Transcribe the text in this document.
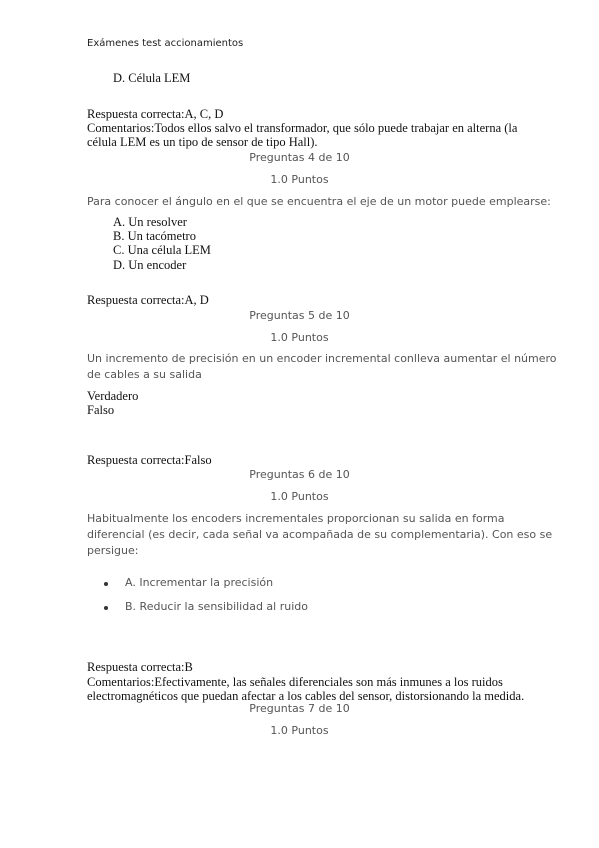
Exámenes test accionamientos
D. Célula LEM
Respuesta correcta:A, C, D
Comentarios:Todos ellos salvo el transformador, que sólo puede trabajar en alterna (la
célula LEM es un tipo de sensor de tipo Hall).
Preguntas 4 de 10
1.0 Puntos
Para conocer el ángulo en el que se encuentra el eje de un motor puede emplearse:
A. Un resolver
B. Un tacómetro
C. Una célula LEM
D. Un encoder
Respuesta correcta:A, D
Preguntas 5 de 10
1.0 Puntos
Un incremento de precisión en un encoder incremental conlleva aumentar el número
de cables a su salida
Verdadero
Falso
Respuesta correcta:Falso
Preguntas 6 de 10
1.0 Puntos
Habitualmente los encoders incrementales proporcionan su salida en forma
diferencial (es decir, cada señal va acompañada de su complementaria). Con eso se
persigue:
A. Incrementar la precisión
B. Reducir la sensibilidad al ruido
Respuesta correcta:B
Comentarios:Efectivamente, las señales diferenciales son más inmunes a los ruidos
electromagnéticos que puedan afectar a los cables del sensor, distorsionando la medida.
Preguntas 7 de 10
1.0 Puntos
